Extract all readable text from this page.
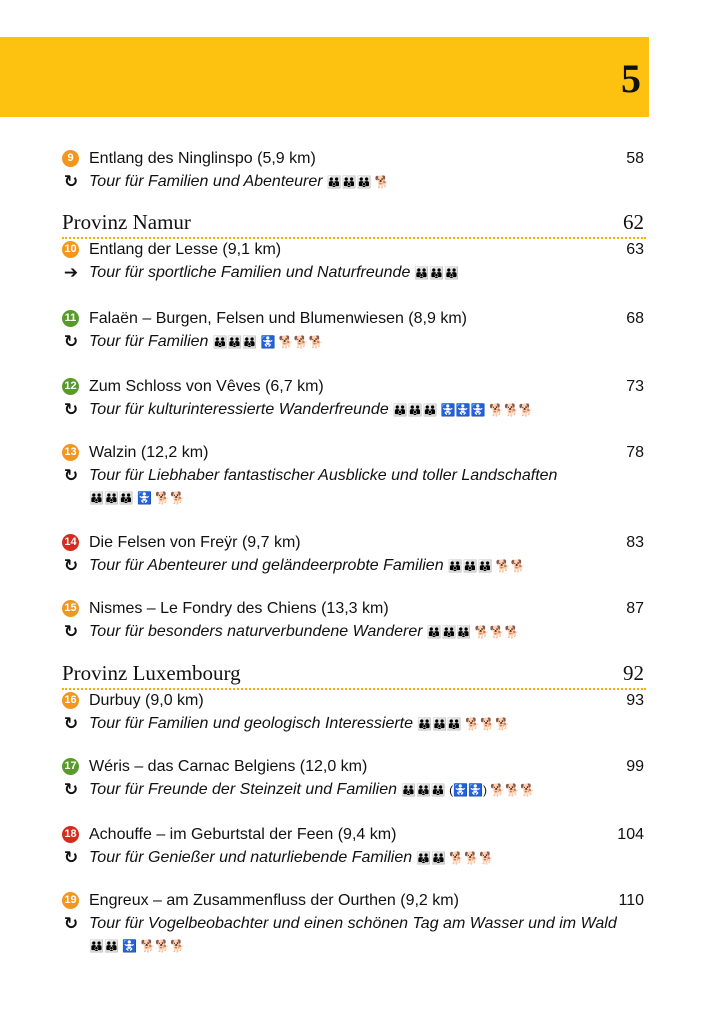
5
9 Entlang des Ninglinspo (5,9 km)	58
↻ Tour für Familien und Abenteurer 👪👪👪 🐕
Provinz Namur	62
10 Entlang der Lesse (9,1 km)	63
➔ Tour für sportliche Familien und Naturfreunde 👪👪👪
11 Falaën – Burgen, Felsen und Blumenwiesen (8,9 km)	68
↻ Tour für Familien 👪👪👪 🚼 🐕🐕🐕
12 Zum Schloss von Vêves (6,7 km)	73
↻ Tour für kulturinteressierte Wanderfreunde 👪👪👪 🚼🚼🚼 🐕🐕🐕
13 Walzin (12,2 km)	78
↻ Tour für Liebhaber fantastischer Ausblicke und toller Landschaften
👪👪👪 🚼 🐕🐕
14 Die Felsen von Freÿr (9,7 km)	83
↻ Tour für Abenteurer und geländeerprobte Familien 👪👪👪 🐕🐕
15 Nismes – Le Fondry des Chiens (13,3 km)	87
↻ Tour für besonders naturverbundene Wanderer 👪👪👪 🐕🐕🐕
Provinz Luxembourg	92
16 Durbuy (9,0 km)	93
↻ Tour für Familien und geologisch Interessierte 👪👪👪 🐕🐕🐕
17 Wéris – das Carnac Belgiens (12,0 km)	99
↻ Tour für Freunde der Steinzeit und Familien 👪👪👪 (🚼🚼) 🐕🐕🐕
18 Achouffe – im Geburtstal der Feen (9,4 km)	104
↻ Tour für Genießer und naturliebende Familien 👪👪 🐕🐕🐕
19 Engreux – am Zusammenfluss der Ourthen (9,2 km)	110
↻ Tour für Vogelbeobachter und einen schönen Tag am Wasser und im Wald
👪👪 🚼 🐕🐕🐕
